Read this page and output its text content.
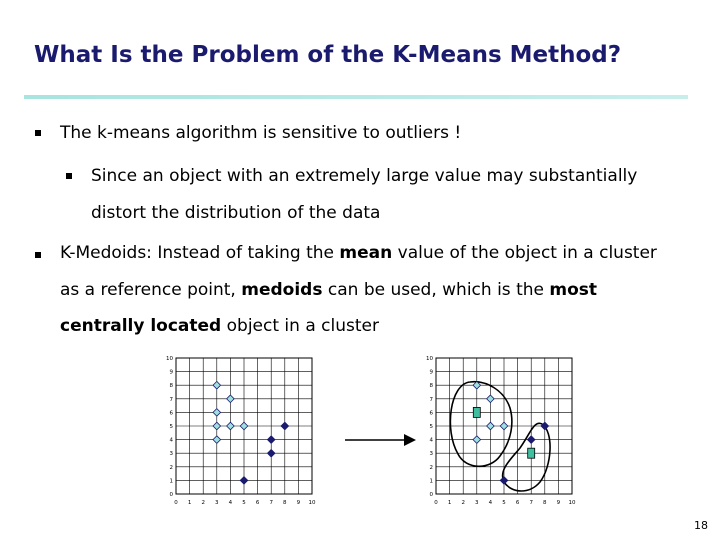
What Is the Problem of the K-Means Method?
The k-means algorithm is sensitive to outliers !
Since an object with an extremely large value may substantially
distort the distribution of the data
K-Medoids: Instead of taking the mean value of the object in a cluster
as a reference point, medoids can be used, which is the most
centrally located object in a cluster
0 1 2 3 4 5 6 7 8 9 10
0
1
2
3
4
5
6
7
8
9
10
0 1 2 3 4 5 6 7 8 9 10
0
1
2
3
4
5
6
7
8
9
10
18
